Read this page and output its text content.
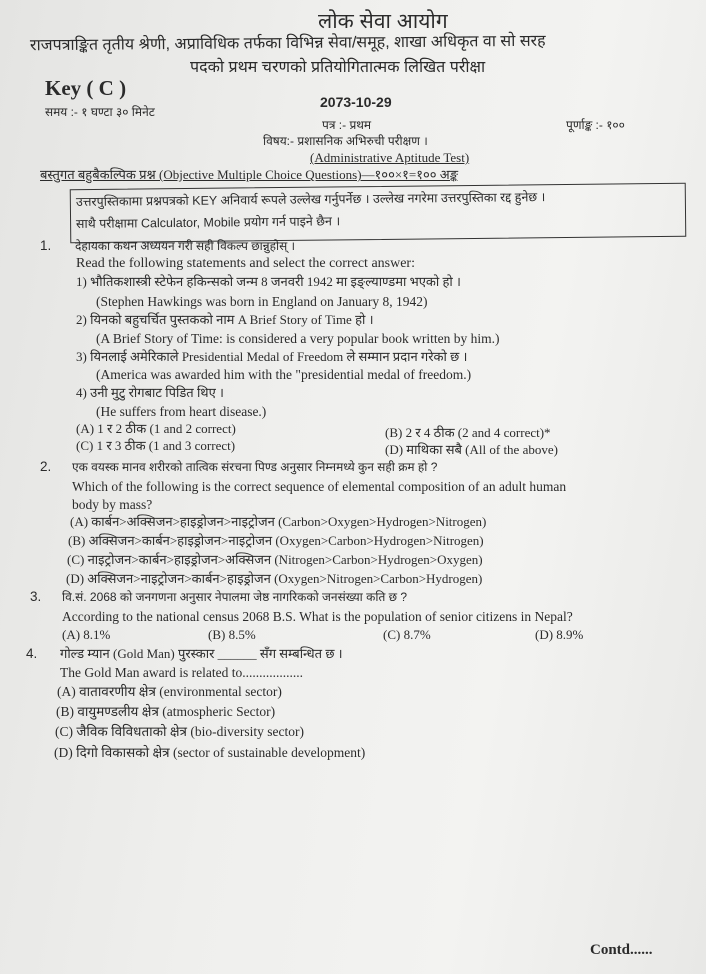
लोक सेवा आयोग
राजपत्राङ्कित तृतीय श्रेणी, अप्राविधिक तर्फका विभिन्न सेवा/समूह, शाखा अधिकृत वा सो सरह
पदको प्रथम चरणको प्रतियोगितात्मक लिखित परीक्षा
Key ( C )
2073-10-29
समय :- १ घण्टा ३० मिनेट
पत्र :- प्रथम	पूर्णाङ्क :- १००
विषय:- प्रशासनिक अभिरुची परीक्षण ।
(Administrative Aptitude Test)
बस्तुगत बहुबैकल्पिक प्रश्न (Objective Multiple Choice Questions)—१००×१=१०० अङ्क
उत्तरपुस्तिकामा प्रश्नपत्रको KEY अनिवार्य रूपले उल्लेख गर्नुपर्नेछ । उल्लेख नगरेमा उत्तरपुस्तिका रद्द हुनेछ ।
साथै परीक्षामा Calculator, Mobile प्रयोग गर्न पाइने छैन ।
1. देहायका कथन अध्ययन गरी सही विकल्प छान्नुहोस् ।
Read the following statements and select the correct answer:
1) भौतिकशास्त्री स्टेफेन हकिन्सको जन्म 8 जनवरी 1942 मा इङ्ल्याण्डमा भएको हो ।
(Stephen Hawkings was born in England on January 8, 1942)
2) यिनको बहुचर्चित पुस्तकको नाम A Brief Story of Time हो ।
(A Brief Story of Time: is considered a very popular book written by him.)
3) यिनलाई अमेरिकाले Presidential Medal of Freedom ले सम्मान प्रदान गरेको छ ।
(America was awarded him with the "presidential medal of freedom.)
4) उनी मुटु रोगबाट पिडित थिए ।
(He suffers from heart disease.)
(A) 1 र 2 ठीक (1 and 2 correct)	(B) 2 र 4 ठीक (2 and 4 correct)*
(C) 1 र 3 ठीक (1 and 3 correct)	(D) माथिका सबै (All of the above)
2. एक वयस्क मानव शरीरको तात्विक संरचना पिण्ड अनुसार निम्नमध्ये कुन सही क्रम हो ?
Which of the following is the correct sequence of elemental composition of an adult human
body by mass?
(A) कार्बन>अक्सिजन>हाइड्रोजन>नाइट्रोजन (Carbon>Oxygen>Hydrogen>Nitrogen)
(B) अक्सिजन>कार्बन>हाइड्रोजन>नाइट्रोजन (Oxygen>Carbon>Hydrogen>Nitrogen)
(C) नाइट्रोजन>कार्बन>हाइड्रोजन>अक्सिजन (Nitrogen>Carbon>Hydrogen>Oxygen)
(D) अक्सिजन>नाइट्रोजन>कार्बन>हाइड्रोजन (Oxygen>Nitrogen>Carbon>Hydrogen)
3. वि.सं. 2068 को जनगणना अनुसार नेपालमा जेष्ठ नागरिकको जनसंख्या कति छ ?
According to the national census 2068 B.S. What is the population of senior citizens in Nepal?
(A) 8.1%	(B) 8.5%	(C) 8.7%	(D) 8.9%
4. गोल्ड म्यान (Gold Man) पुरस्कार ______ सँग सम्बन्धित छ ।
The Gold Man award is related to..................
(A) वातावरणीय क्षेत्र (environmental sector)
(B) वायुमण्डलीय क्षेत्र (atmospheric Sector)
(C) जैविक विविधताको क्षेत्र (bio-diversity sector)
(D) दिगो विकासको क्षेत्र (sector of sustainable development)
Contd......
